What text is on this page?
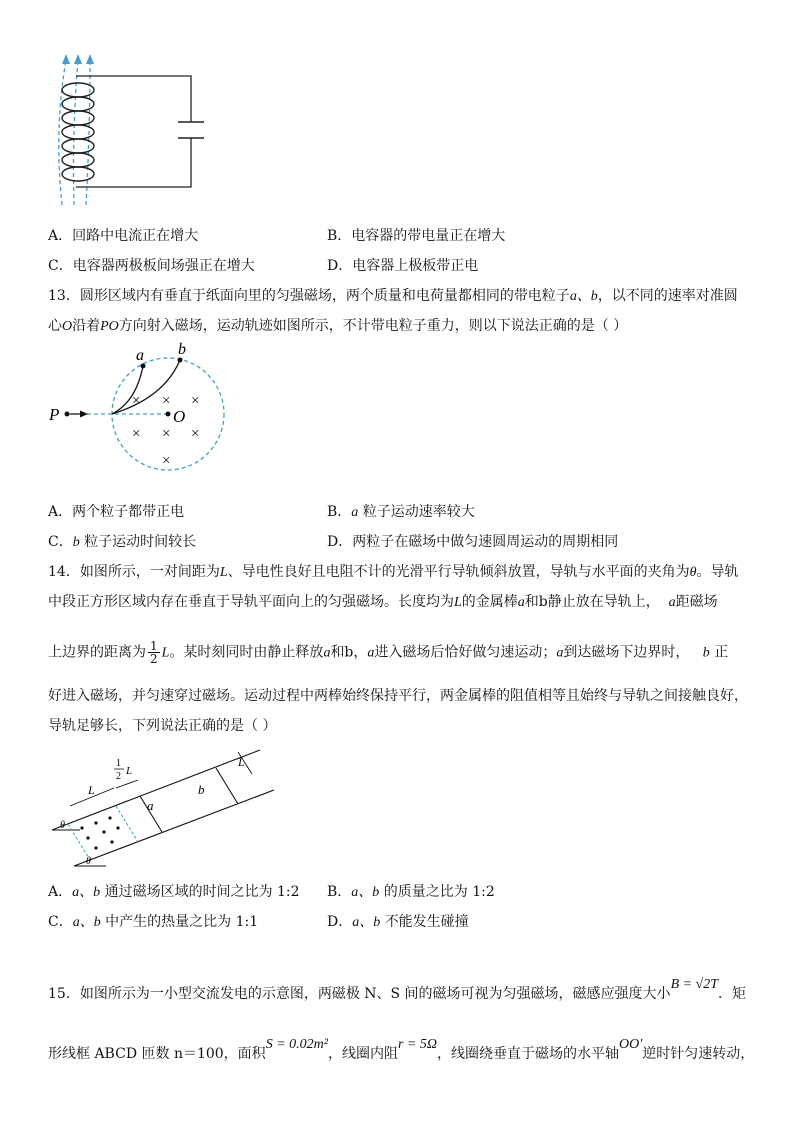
A．回路中电流正在增大	B．电容器的带电量正在增大
C．电容器两极板间场强正在增大	D．电容器上极板带正电
13．圆形区域内有垂直于纸面向里的匀强磁场，两个质量和电荷量都相同的带电粒子a、b，以不同的速率对准圆
心O沿着PO方向射入磁场，运动轨迹如图所示，不计带电粒子重力，则以下说法正确的是（ ）
a b
P	O
× × ×
× × ×
×
A．两个粒子都带正电	B．a 粒子运动速率较大
C．b 粒子运动时间较长	D．两粒子在磁场中做匀速圆周运动的周期相同
14．如图所示，一对间距为L、导电性良好且电阻不计的光滑平行导轨倾斜放置，导轨与水平面的夹角为θ。导轨
中段正方形区域内存在垂直于导轨平面向上的匀强磁场。长度均为L的金属棒a和b静止放在导轨上， a距磁场
上边界的距离为 $\frac{1}{2}$ L。某时刻同时由静止释放a和b，a进入磁场后恰好做匀速运动；a到达磁场下边界时， b 正
好进入磁场，并匀速穿过磁场。运动过程中两棒始终保持平行，两金属棒的阻值相等且始终与导轨之间接触良好，
导轨足够长，下列说法正确的是（ ）
θ
θ
L
1
2 L
a
b
L
A．a、b 通过磁场区域的时间之比为 1:2 B．a、b 的质量之比为 1:2
C．a、b 中产生的热量之比为 1:1	D．a、b 不能发生碰撞
15．如图所示为一小型交流发电的示意图，两磁极 N、S 间的磁场可视为匀强磁场，磁感应强度大小B = √2T．矩
形线框 ABCD 匝数 n＝100，面积S = 0.02m²，线圈内阻r = 5Ω，线圈绕垂直于磁场的水平轴OO′逆时针匀速转动，
